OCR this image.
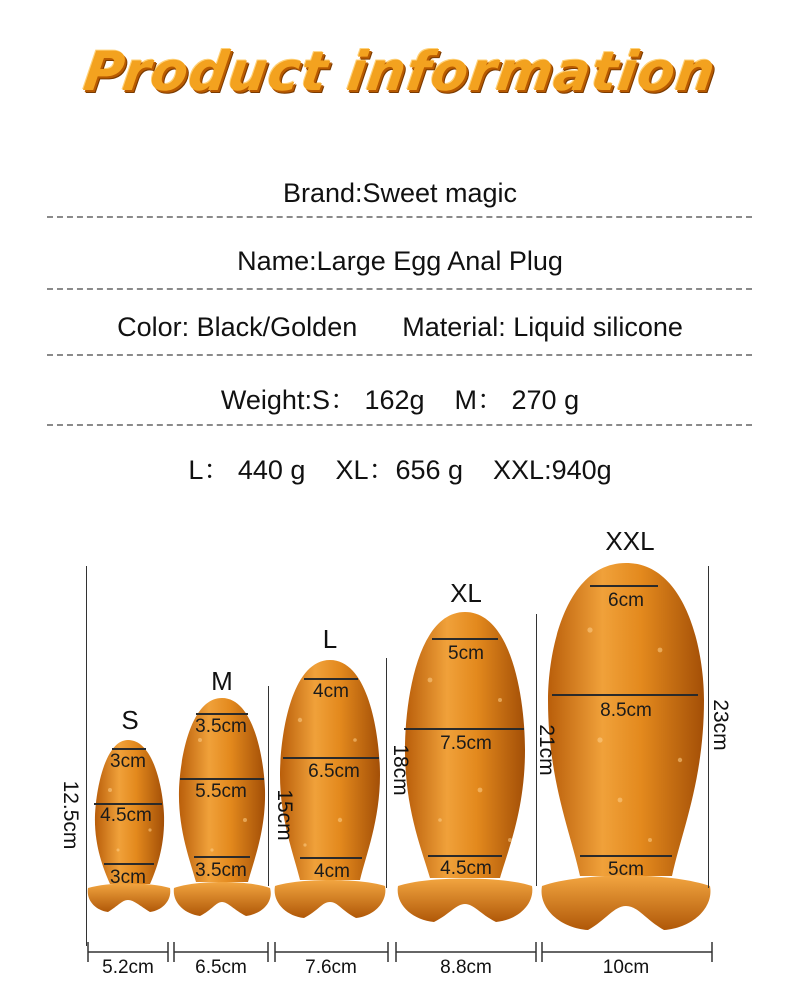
Product information
Brand:Sweet magic
Name:Large Egg Anal Plug
Color: Black/Golden Material: Liquid silicone
Weight:S： 162g M： 270 g
L： 440 g XL：656 g XXL:940g
S
M
L
XL
XXL
12.5cm	15cm
18cm	21cm	23cm
3cm
4.5cm
3cm
3.5cm
5.5cm
3.5cm
4cm
6.5cm
4cm
5cm
7.5cm
4.5cm
6cm
8.5cm
5cm
5.2cm 6.5cm	7.6cm	8.8cm	10cm
